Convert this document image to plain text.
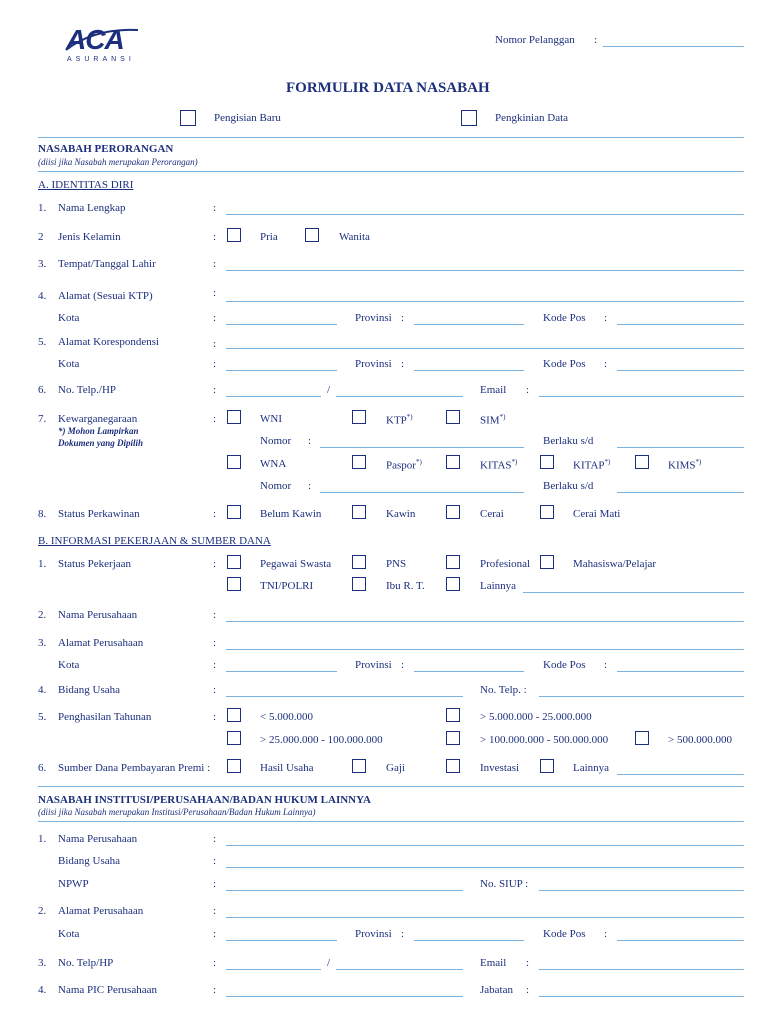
ACA
ASURANSI
Nomor Pelanggan :
FORMULIR DATA NASABAH
Pengisian Baru	Pengkinian Data
NASABAH PERORANGAN
(diisi jika Nasabah merupakan Perorangan)
A. IDENTITAS DIRI
1. Nama Lengkap	:
2 Jenis Kelamin	:	Pria	Wanita
3. Tempat/Tanggal Lahir	:
4. Alamat (Sesuai KTP)	:
Kota	:	Provinsi :	Kode Pos :
5. Alamat Korespondensi	:
Kota	:	Provinsi :	Kode Pos :
6. No. Telp./HP	:	/	Email :
7. Kewarganegaraan
*) Mohon Lampirkan
Dokumen yang Dipilih
:	WNI	KTP*)	SIM*)
Nomor :	Berlaku s/d
WNA	Paspor*)	KITAS*)	KITAP*)	KIMS*)
Nomor :	Berlaku s/d
8. Status Perkawinan	:	Belum Kawin	Kawin	Cerai	Cerai Mati
B. INFORMASI PEKERJAAN & SUMBER DANA
1. Status Pekerjaan	:	Pegawai Swasta	PNS	Profesional	Mahasiswa/Pelajar
TNI/POLRI	Ibu R. T.	Lainnya
2. Nama Perusahaan	:
3. Alamat Perusahaan	:
Kota	:	Provinsi :	Kode Pos :
4. Bidang Usaha	:	No. Telp. :
5. Penghasilan Tahunan	:	< 5.000.000	> 5.000.000 - 25.000.000
> 25.000.000 - 100.000.000	> 100.000.000 - 500.000.000	> 500.000.000
6. Sumber Dana Pembayaran Premi :	Hasil Usaha	Gaji	Investasi	Lainnya
NASABAH INSTITUSI/PERUSAHAAN/BADAN HUKUM LAINNYA
(diisi jika Nasabah merupakan Institusi/Perusahaan/Badan Hukum Lainnya)
1. Nama Perusahaan	:
Bidang Usaha	:
NPWP	:	No. SIUP :
2. Alamat Perusahaan	:
Kota	:	Provinsi :	Kode Pos :
3. No. Telp/HP	:	/	Email :
4. Nama PIC Perusahaan	:	Jabatan :
